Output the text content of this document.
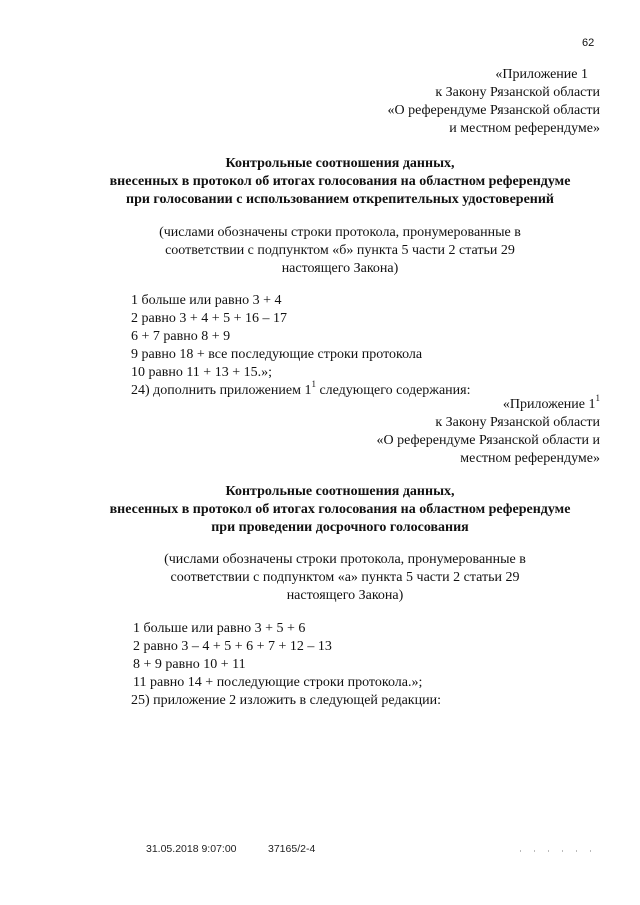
62
«Приложение 1
к Закону Рязанской области
«О референдуме Рязанской области
и местном референдуме»
Контрольные соотношения данных,
внесенных в протокол об итогах голосования на областном референдуме
при голосовании с использованием открепительных удостоверений
(числами обозначены строки протокола, пронумерованные в
соответствии с подпунктом «б» пункта 5 части 2 статьи 29
настоящего Закона)
1 больше или равно 3 + 4
2 равно 3 + 4 + 5 + 16 – 17
6 + 7 равно 8 + 9
9 равно 18 + все последующие строки протокола
10 равно 11 + 13 + 15.»;
24) дополнить приложением $1^1$ следующего содержания:
«Приложение $1^1$
к Закону Рязанской области
«О референдуме Рязанской области и
местном референдуме»
Контрольные соотношения данных,
внесенных в протокол об итогах голосования на областном референдуме
при проведении досрочного голосования
(числами обозначены строки протокола, пронумерованные в
соответствии с подпунктом «а» пункта 5 части 2 статьи 29
настоящего Закона)
1 больше или равно 3 + 5 + 6
2 равно 3 – 4 + 5 + 6 + 7 + 12 – 13
8 + 9 равно 10 + 11
11 равно 14 + последующие строки протокола.»;
25) приложение 2 изложить в следующей редакции:
31.05.2018 9:07:00	37165/2-4
